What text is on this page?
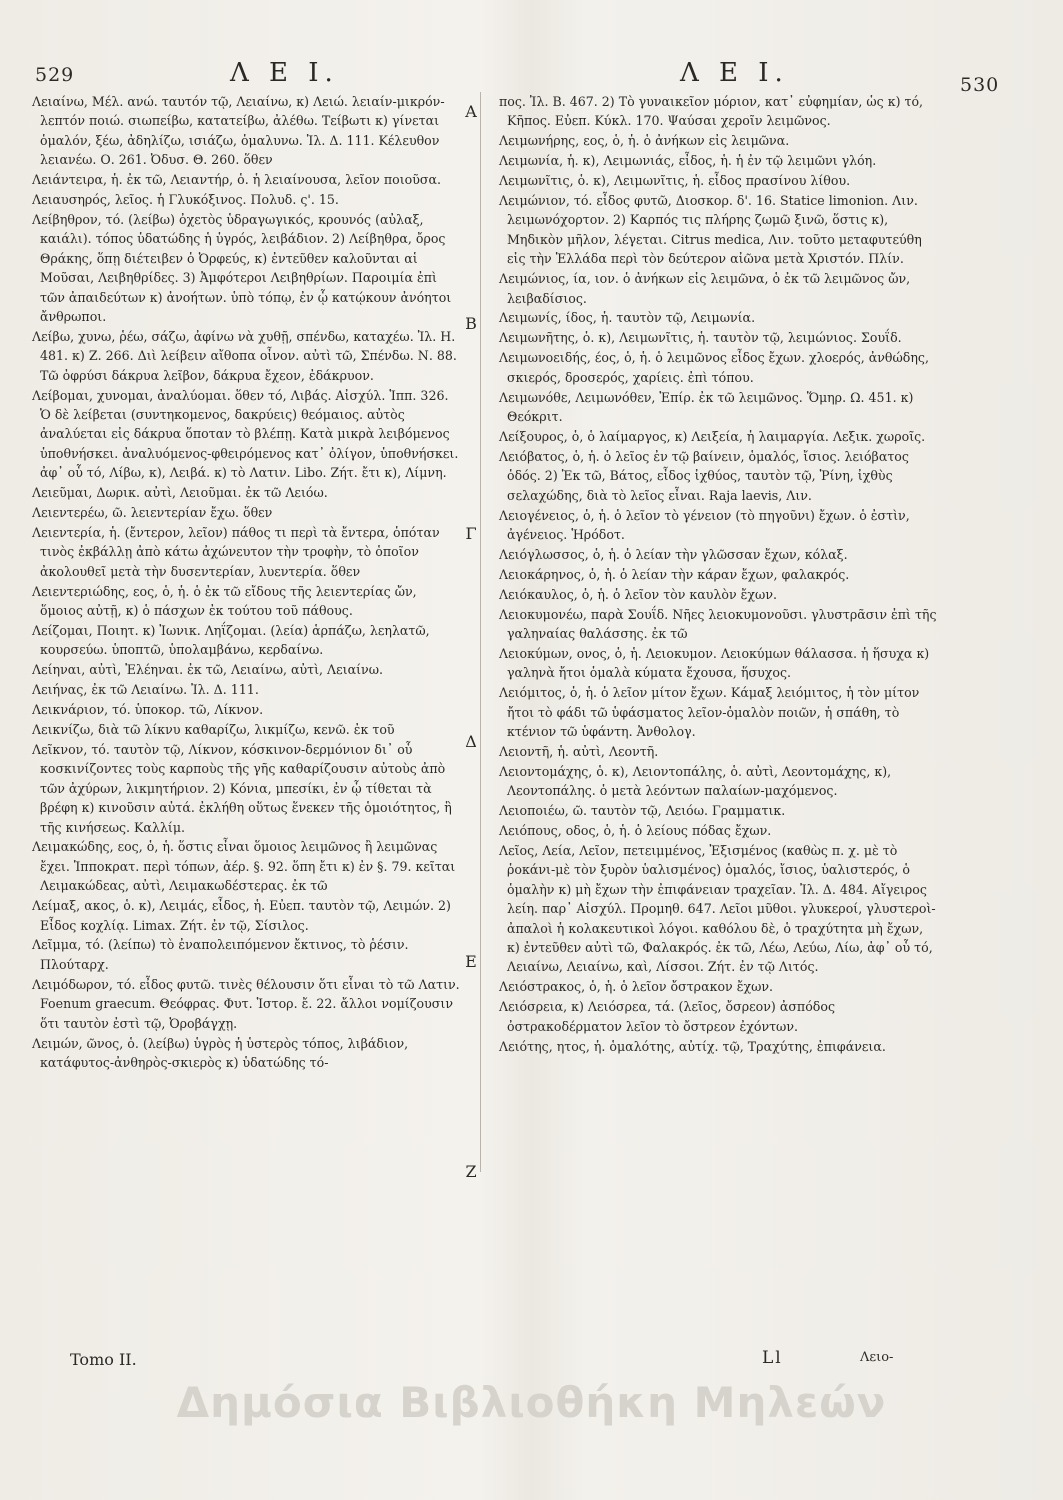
529	Λ Ε Ι.	Λ Ε Ι.	530

Λειαίνω, Μέλ. ανώ. ταυτόν τῷ, Λειαίνω, κ) Λειώ. λειαίν-μικρόν-λεπτόν ποιώ. σιωπείβω, κατατείβω, ἀλέθω. Τείβωτι κ) γίνεται ὁμαλόν, ξέω, ἀδηλίζω, ισιάζω, ὁμαλυνω. Ἰλ. Δ. 111. Κέλευθον λειανέω. Ο. 261. Ὀδυσ. Θ. 260. ὅθεν

Λειάντειρα, ἡ. ἐκ τῶ, Λειαντήρ, ὁ. ἡ λειαίνουσα, λεῖον ποιοῦσα.

Λειαυσηρός, λεῖος. ἡ Γλυκόξινος. Πολυδ. ς'. 15.

Λείβηθρον, τό. (λείβω) ὀχετὸς ὑδραγωγικός, κρουνός (αὐλαξ, καιάλι). τόπος ὑδατώδης ἡ ὑγρός, λειβάδιον. 2) Λείβηθρα, ὄρος Θράκης, ὅπῃ διέτειβεν ὁ Ὀρφεύς, κ) ἐντεῦθεν καλοῦνται αἱ Μοῦσαι, Λειβηθρίδες. 3) Ἀμφότεροι Λειβηθρίων. Παροιμία ἐπὶ τῶν ἀπαιδεύτων κ) ἀνοήτων. ὑπὸ τόπῳ, ἐν ᾧ κατῴκουν ἀνόητοι ἄνθρωποι.

Λείβω, χυνω, ῥέω, σάζω, ἀφίνω νὰ χυθῇ, σπένδω, καταχέω. Ἰλ. Η. 481. κ) Ζ. 266. Διὶ λείβειν αἴθοπα οἶνον. αὐτὶ τῶ, Σπένδω. Ν. 88. Τῶ ὀφρύσι δάκρυα λεῖβον, δάκρυα ἔχεον, ἐδάκρυον.

Λείβομαι, χυνομαι, ἀναλύομαι. ὅθεν τό, Λιβάς. Αἰσχύλ. Ἱππ. 326. Ὁ δὲ λείβεται (συντηκομενος, δακρύεις) θεόμαιος. αὐτὸς ἀναλύεται εἰς δάκρυα ὅποταν τὸ βλέπῃ. Κατὰ μικρὰ λειβόμενος ὑποθνήσκει. ἀναλυόμενος-φθειρόμενος κατ᾽ ὀλίγον, ὑποθνήσκει. ἀφ᾽ οὗ τό, Λίβω, κ), Λειβά. κ) τὸ Λατιν. Libo. Ζήτ. ἔτι κ), Λίμνη.

Λειεῦμαι, Δωρικ. αὐτὶ, Λειοῦμαι. ἐκ τῶ Λειόω.

Λειεντερέω, ῶ. λειεντερίαν ἔχω. ὅθεν

Λειεντερία, ἡ. (ἔντερον, λεῖον) πάθος τι περὶ τὰ ἔντερα, ὁπόταν τινὸς ἐκβάλλῃ ἀπὸ κάτω ἀχώνευτον τὴν τροφὴν, τὸ ὁποῖον ἀκολουθεῖ μετὰ τὴν δυσεντερίαν, λυεντερία. ὅθεν

Λειεντεριώδης, εος, ὁ, ἡ. ὁ ἐκ τῶ εἴδους τῆς λειεντερίας ὤν, ὅμοιος αὐτῇ, κ) ὁ πάσχων ἐκ τούτου τοῦ πάθους.

Λείζομαι, Ποιητ. κ) Ἰωνικ. Ληΐζομαι. (λεία) ἁρπάζω, λεηλατῶ, κουρσεύω. ὑποπτῶ, ὑπολαμβάνω, κερδαίνω.

Λείηναι, αὐτὶ, Ἐλέηναι. ἐκ τῶ, Λειαίνω, αὐτὶ, Λειαίνω.

Λειήνας, ἐκ τῶ Λειαίνω. Ἰλ. Δ. 111.

Λεικνάριον, τό. ὑποκορ. τῶ, Λίκνον.

Λεικνίζω, διὰ τῶ λίκνυ καθαρίζω, λικμίζω, κενῶ. ἐκ τοῦ

Λεῖκνον, τό. ταυτὸν τῷ, Λίκνον, κόσκινον-δερμόνιον δι᾽ οὗ κοσκινίζοντες τοὺς καρποὺς τῆς γῆς καθαρίζουσιν αὐτοὺς ἀπὸ τῶν ἀχύρων, λικμητήριον. 2) Κόνια, μπεσίκι, ἐν ᾧ τίθεται τὰ βρέφη κ) κινοῦσιν αὐτά. ἐκλήθη οὕτως ἕνεκεν τῆς ὁμοιότητος, ἣ τῆς κινήσεως. Καλλίμ.

Λειμακώδης, εος, ὁ, ἡ. ὅστις εἶναι ὅμοιος λειμῶνος ἢ λειμῶνας ἔχει. Ἱπποκρατ. περὶ τόπων, ἀέρ. §. 92. ὅπη ἔτι κ) ἐν §. 79. κεῖται Λειμακώδεας, αὐτὶ, Λειμακωδέστερας. ἐκ τῶ

Λείμαξ, ακος, ὁ. κ), Λειμάς, εἶδος, ἡ. Εὐεπ. ταυτὸν τῷ, Λειμών. 2) Εἶδος κοχλίᾳ. Limax. Ζήτ. ἐν τῷ, Σίσιλος.

Λεῖμμα, τό. (λείπω) τὸ ἐναπολειπόμενον ἔκτινος, τὸ ῥέσιν. Πλούταρχ.

Λειμόδωρον, τό. εἶδος φυτῶ. τινὲς θέλουσιν ὅτι εἶναι τὸ τῶ Λατιν. Foenum graecum. Θεόφρας. Φυτ. Ἱστορ. ἔ. 22. ἄλλοι νομίζουσιν ὅτι ταυτὸν ἐστὶ τῷ, Ὀροβάγχῃ.

Λειμών, ῶνος, ὁ. (λείβω) ὑγρὸς ἡ ὑστερὸς τόπος, λιβάδιον, κατάφυτος-ἀνθηρὸς-σκιερὸς κ) ὑδατώδης τό-

Α
Β
Γ
Δ
Ε
Ζ

πος. Ἰλ. Β. 467. 2) Τὸ γυναικεῖον μόριον, κατ᾽ εὐφημίαν, ὡς κ) τό, Κῆπος. Εὐεπ. Κύκλ. 170. Ψαύσαι χεροῖν λειμῶνος.

Λειμωνήρης, εος, ὁ, ἡ. ὁ ἀνήκων εἰς λειμῶνα.

Λειμωνία, ἡ. κ), Λειμωνιάς, εἶδος, ἡ. ἡ ἐν τῷ λειμῶνι γλόη.

Λειμωνῖτις, ὁ. κ), Λειμωνῖτις, ἡ. εἶδος πρασίνου λίθου.

Λειμώνιον, τό. εἶδος φυτῶ, Διοσκορ. δ'. 16. Statice limonion. Λιν. λειμωνόχορτον. 2) Καρπός τις πλήρης ζωμῶ ξινῶ, ὅστις κ), Μηδικὸν μῆλον, λέγεται. Citrus medica, Λιν. τοῦτο μεταφυτεύθη εἰς τὴν Ἑλλάδα περὶ τὸν δεύτερον αἰῶνα μετὰ Χριστόν. Πλίν.

Λειμώνιος, ία, ιον. ὁ ἀνήκων εἰς λειμῶνα, ὁ ἐκ τῶ λειμῶνος ὤν, λειβαδίσιος.

Λειμωνίς, ίδος, ἡ. ταυτὸν τῷ, Λειμωνία.

Λειμωνῆτης, ὁ. κ), Λειμωνῖτις, ἡ. ταυτὸν τῷ, λειμώνιος. Σουΐδ.

Λειμωνοειδής, έος, ὁ, ἡ. ὁ λειμῶνος εἶδος ἔχων. χλοερός, ἀνθώδης, σκιερός, δροσερός, χαρίεις. ἐπὶ τόπου.

Λειμωνόθε, Λειμωνόθεν, Ἐπίρ. ἐκ τῶ λειμῶνος. Ὅμηρ. Ω. 451. κ) Θεόκριτ.

Λείξουρος, ὁ, ὁ λαίμαργος, κ) Λειξεία, ἡ λαιμαργία. Λεξικ. χωροῖς.

Λειόβατος, ὁ, ἡ. ὁ λεῖος ἐν τῷ βαίνειν, ὁμαλός, ἴσιος. λειόβατος ὁδός. 2) Ἐκ τῶ, Βάτος, εἶδος ἰχθύος, ταυτὸν τῷ, Ῥίνη, ἰχθὺς σελαχώδης, διὰ τὸ λεῖος εἶναι. Raja laevis, Λιν.

Λειογένειος, ὁ, ἡ. ὁ λεῖον τὸ γένειον (τὸ πηγοῦνι) ἔχων. ὁ ἐστὶν, ἀγένειος. Ἡρόδοτ.

Λειόγλωσσος, ὁ, ἡ. ὁ λείαν τὴν γλῶσσαν ἔχων, κόλαξ.

Λειοκάρηνος, ὁ, ἡ. ὁ λείαν τὴν κάραν ἔχων, φαλακρός.

Λειόκαυλος, ὁ, ἡ. ὁ λεῖον τὸν καυλὸν ἔχων.

Λειοκυμονέω, παρὰ Σουΐδ. Νῆες λειοκυμονοῦσι. γλυστρᾶσιν ἐπὶ τῆς γαληναίας θαλάσσης. ἐκ τῶ

Λειοκύμων, ονος, ὁ, ἡ. Λειοκυμον. Λειοκύμων θάλασσα. ἡ ἥσυχα κ) γαληνὰ ἤτοι ὁμαλὰ κύματα ἔχουσα, ἥσυχος.

Λειόμιτος, ὁ, ἡ. ὁ λεῖον μίτον ἔχων. Κάμαξ λειόμιτος, ἡ τὸν μίτον ἤτοι τὸ φάδι τῶ ὑφάσματος λεῖον-ὁμαλὸν ποιῶν, ἡ σπάθη, τὸ κτένιον τῶ ὑφάντη. Ἀνθολογ.

Λειοντῆ, ἡ. αὐτὶ, Λεοντῆ.

Λειοντομάχης, ὁ. κ), Λειοντοπάλης, ὁ. αὐτὶ, Λεοντομάχης, κ), Λεοντοπάλης. ὁ μετὰ λεόντων παλαίων-μαχόμενος.

Λειοποιέω, ῶ. ταυτὸν τῷ, Λειόω. Γραμματικ.

Λειόπους, οδος, ὁ, ἡ. ὁ λείους πόδας ἔχων.

Λεῖος, Λεία, Λεῖον, πετειμμένος, Ἐξισμένος (καθὼς π. χ. μὲ τὸ ῥοκάνι-μὲ τὸν ξυρὸν ὑαλισμένος) ὁμαλός, ἴσιος, ὑαλιστερός, ὁ ὁμαλὴν κ) μὴ ἔχων τὴν ἐπιφάνειαν τραχεῖαν. Ἰλ. Δ. 484. Αἴγειρος λείη. παρ᾽ Αἰσχύλ. Προμηθ. 647. Λεῖοι μῦθοι. γλυκεροί, γλυστεροὶ-ἀπαλοὶ ἡ κολακευτικοὶ λόγοι. καθόλου δὲ, ὁ τραχύτητα μὴ ἔχων, κ) ἐντεῦθεν αὐτὶ τῶ, Φαλακρός. ἐκ τῶ, Λέω, Λεύω, Λίω, ἀφ᾽ οὗ τό, Λειαίνω, Λειαίνω, καὶ, Λίσσοι. Ζήτ. ἐν τῷ Λιτός.

Λειόστρακος, ὁ, ἡ. ὁ λεῖον ὄστρακον ἔχων.

Λειόσρεια, κ) Λειόσρεα, τά. (λεῖος, ὄσρεον) ἀσπόδος ὀστρακοδέρματον λεῖον τὸ ὄστρεον ἐχόντων.

Λειότης, ητος, ἡ. ὁμαλότης, αὐτίχ. τῷ, Τραχύτης, ἐπιφάνεια.

Tomo II.	Ll	Λειο-
Δημόσια Βιβλιοθήκη Μηλεών
